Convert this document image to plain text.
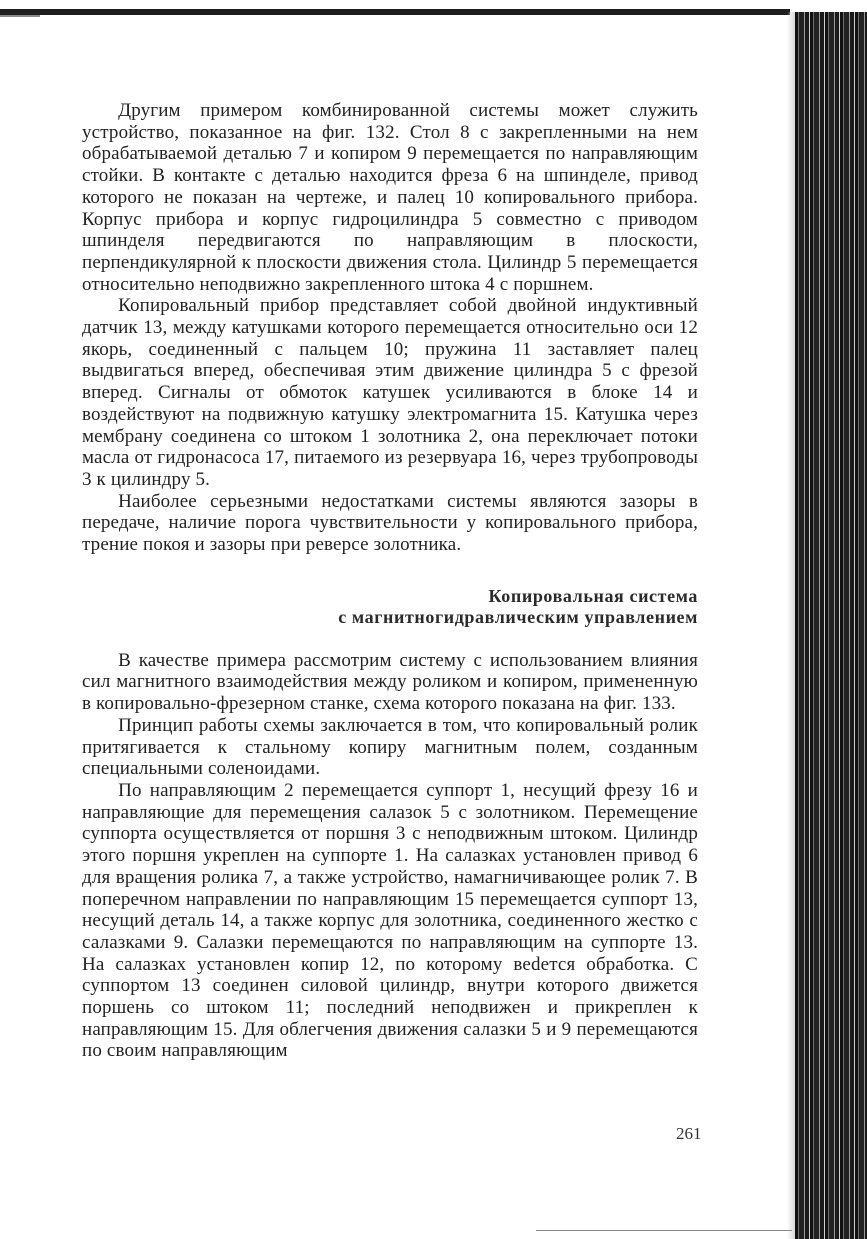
Другим примером комбинированной системы может служить устройство, показанное на фиг. 132. Стол 8 с закрепленными на нем обрабатываемой деталью 7 и копиром 9 перемещается по направляющим стойки. В контакте с деталью находится фреза 6 на шпинделе, привод которого не показан на чертеже, и палец 10 копировального прибора. Корпус прибора и корпус гидроцилиндра 5 совместно с приводом шпинделя передвигаются по направляющим в плоскости, перпендикулярной к плоскости движения стола. Цилиндр 5 перемещается относительно неподвижно закрепленного штока 4 с поршнем.

Копировальный прибор представляет собой двойной индуктивный датчик 13, между катушками которого перемещается относительно оси 12 якорь, соединенный с пальцем 10; пружина 11 заставляет палец выдвигаться вперед, обеспечивая этим движение цилиндра 5 с фрезой вперед. Сигналы от обмоток катушек усиливаются в блоке 14 и воздействуют на подвижную катушку электромагнита 15. Катушка через мембрану соединена со штоком 1 золотника 2, она переключает потоки масла от гидронасоса 17, питаемого из резервуара 16, через трубопроводы 3 к цилиндру 5.

Наиболее серьезными недостатками системы являются зазоры в передаче, наличие порога чувствительности у копировального прибора, трение покоя и зазоры при реверсе золотника.

Копировальная система

с магнитногидравлическим управлением

В качестве примера рассмотрим систему с использованием влияния сил магнитного взаимодействия между роликом и копиром, примененную в копировально-фрезерном станке, схема которого показана на фиг. 133.

Принцип работы схемы заключается в том, что копировальный ролик притягивается к стальному копиру магнитным полем, созданным специальными соленоидами.

По направляющим 2 перемещается суппорт 1, несущий фрезу 16 и направляющие для перемещения салазок 5 с золотником. Перемещение суппорта осуществляется от поршня 3 с неподвижным штоком. Цилиндр этого поршня укреплен на суппорте 1. На салазках установлен привод 6 для вращения ролика 7, а также устройство, намагничивающее ролик 7. В поперечном направлении по направляющим 15 перемещается суппорт 13, несущий деталь 14, а также корпус для золотника, соединенного жестко с салазками 9. Салазки перемещаются по направляющим на суппорте 13. На салазках установлен копир 12, по которому веdется обработка. С суппортом 13 соединен силовой цилиндр, внутри которого движется поршень со штоком 11; последний неподвижен и прикреплен к направляющим 15. Для облегчения движения салазки 5 и 9 перемещаются по своим направляющим

261
